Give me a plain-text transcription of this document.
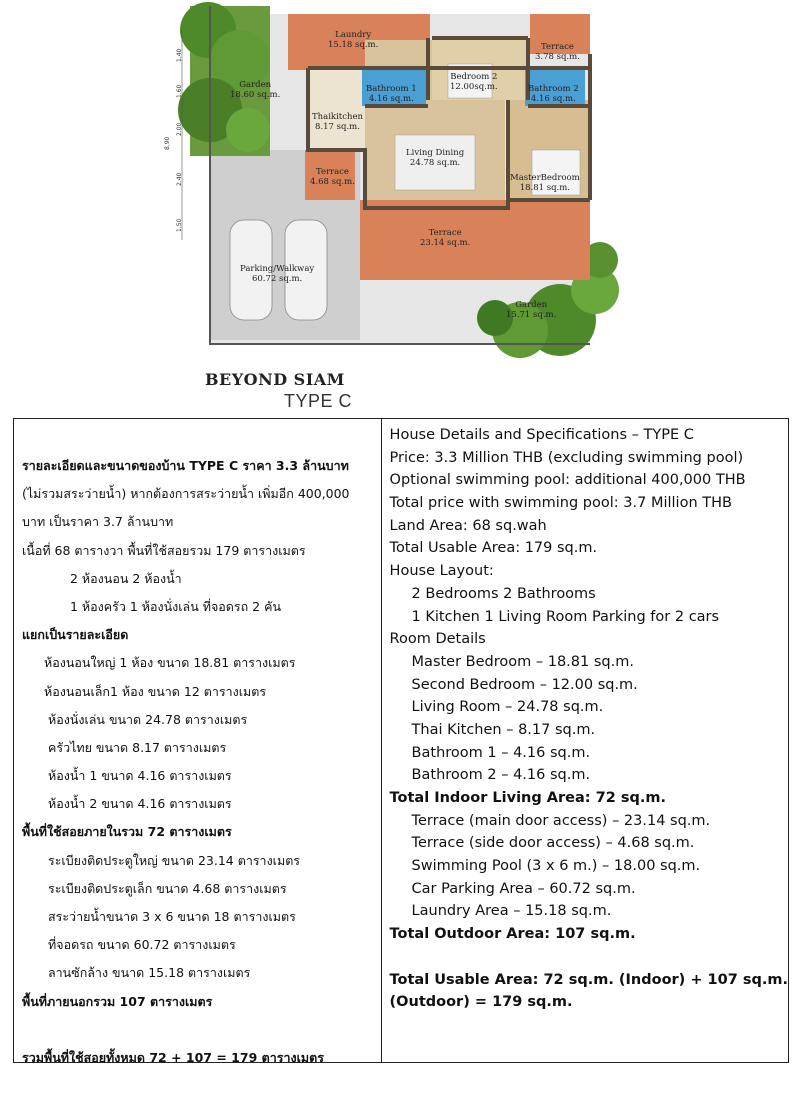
1.40
1.60
2.00
2.40
1.50
8.90
Laundry
15.18 sq.m.
Bedroom 2
12.00sq.m.
Terrace
3.78 sq.m.
Bathroom 1
4.16 sq.m.
Bathroom 2
4.16 sq.m.
Garden
18.60 sq.m.
Thaikitchen
8.17 sq.m.
Living Dining
24.78 sq.m.
MasterBedroom
18.81 sq.m.
Terrace
4.68 sq.m.
Terrace
23.14 sq.m.
Parking/Walkway
60.72 sq.m.
Garden
15.71 sq.m.
BEYOND SIAM
TYPE C
รายละเอียดและขนาดของบ้าน TYPE C ราคา 3.3 ล้านบาท
(ไม่รวมสระว่ายน้ำ) หากต้องการสระว่ายน้ำ เพิ่มอีก 400,000
บาท เป็นราคา 3.7 ล้านบาท
เนื้อที่ 68 ตารางวา พื้นที่ใช้สอยรวม 179 ตารางเมตร
2 ห้องนอน 2 ห้องน้ำ
1 ห้องครัว 1 ห้องนั่งเล่น ที่จอดรถ 2 คัน
แยกเป็นรายละเอียด
ห้องนอนใหญ่ 1 ห้อง ขนาด 18.81 ตารางเมตร
ห้องนอนเล็ก1 ห้อง ขนาด 12 ตารางเมตร
ห้องนั่งเล่น ขนาด 24.78 ตารางเมตร
ครัวไทย ขนาด 8.17 ตารางเมตร
ห้องน้ำ 1 ขนาด 4.16 ตารางเมตร
ห้องน้ำ 2 ขนาด 4.16 ตารางเมตร
พื้นที่ใช้สอยภายในรวม 72 ตารางเมตร
ระเบียงติดประตูใหญ่ ขนาด 23.14 ตารางเมตร
ระเบียงติดประตูเล็ก ขนาด 4.68 ตารางเมตร
สระว่ายน้ำขนาด 3 x 6 ขนาด 18 ตารางเมตร
ที่จอดรถ ขนาด 60.72 ตารางเมตร
ลานซักล้าง ขนาด 15.18 ตารางเมตร
พื้นที่ภายนอกรวม 107 ตารางเมตร
รวมพื้นที่ใช้สอยทั้งหมด 72 + 107 = 179 ตารางเมตร
House Details and Specifications – TYPE C
Price: 3.3 Million THB (excluding swimming pool)
Optional swimming pool: additional 400,000 THB
Total price with swimming pool: 3.7 Million THB
Land Area: 68 sq.wah
Total Usable Area: 179 sq.m.
House Layout:
2 Bedrooms 2 Bathrooms
1 Kitchen 1 Living Room Parking for 2 cars
Room Details
Master Bedroom – 18.81 sq.m.
Second Bedroom – 12.00 sq.m.
Living Room – 24.78 sq.m.
Thai Kitchen – 8.17 sq.m.
Bathroom 1 – 4.16 sq.m.
Bathroom 2 – 4.16 sq.m.
Total Indoor Living Area: 72 sq.m.
Terrace (main door access) – 23.14 sq.m.
Terrace (side door access) – 4.68 sq.m.
Swimming Pool (3 x 6 m.) – 18.00 sq.m.
Car Parking Area – 60.72 sq.m.
Laundry Area – 15.18 sq.m.
Total Outdoor Area: 107 sq.m.
Total Usable Area: 72 sq.m. (Indoor) + 107 sq.m.
(Outdoor) = 179 sq.m.
